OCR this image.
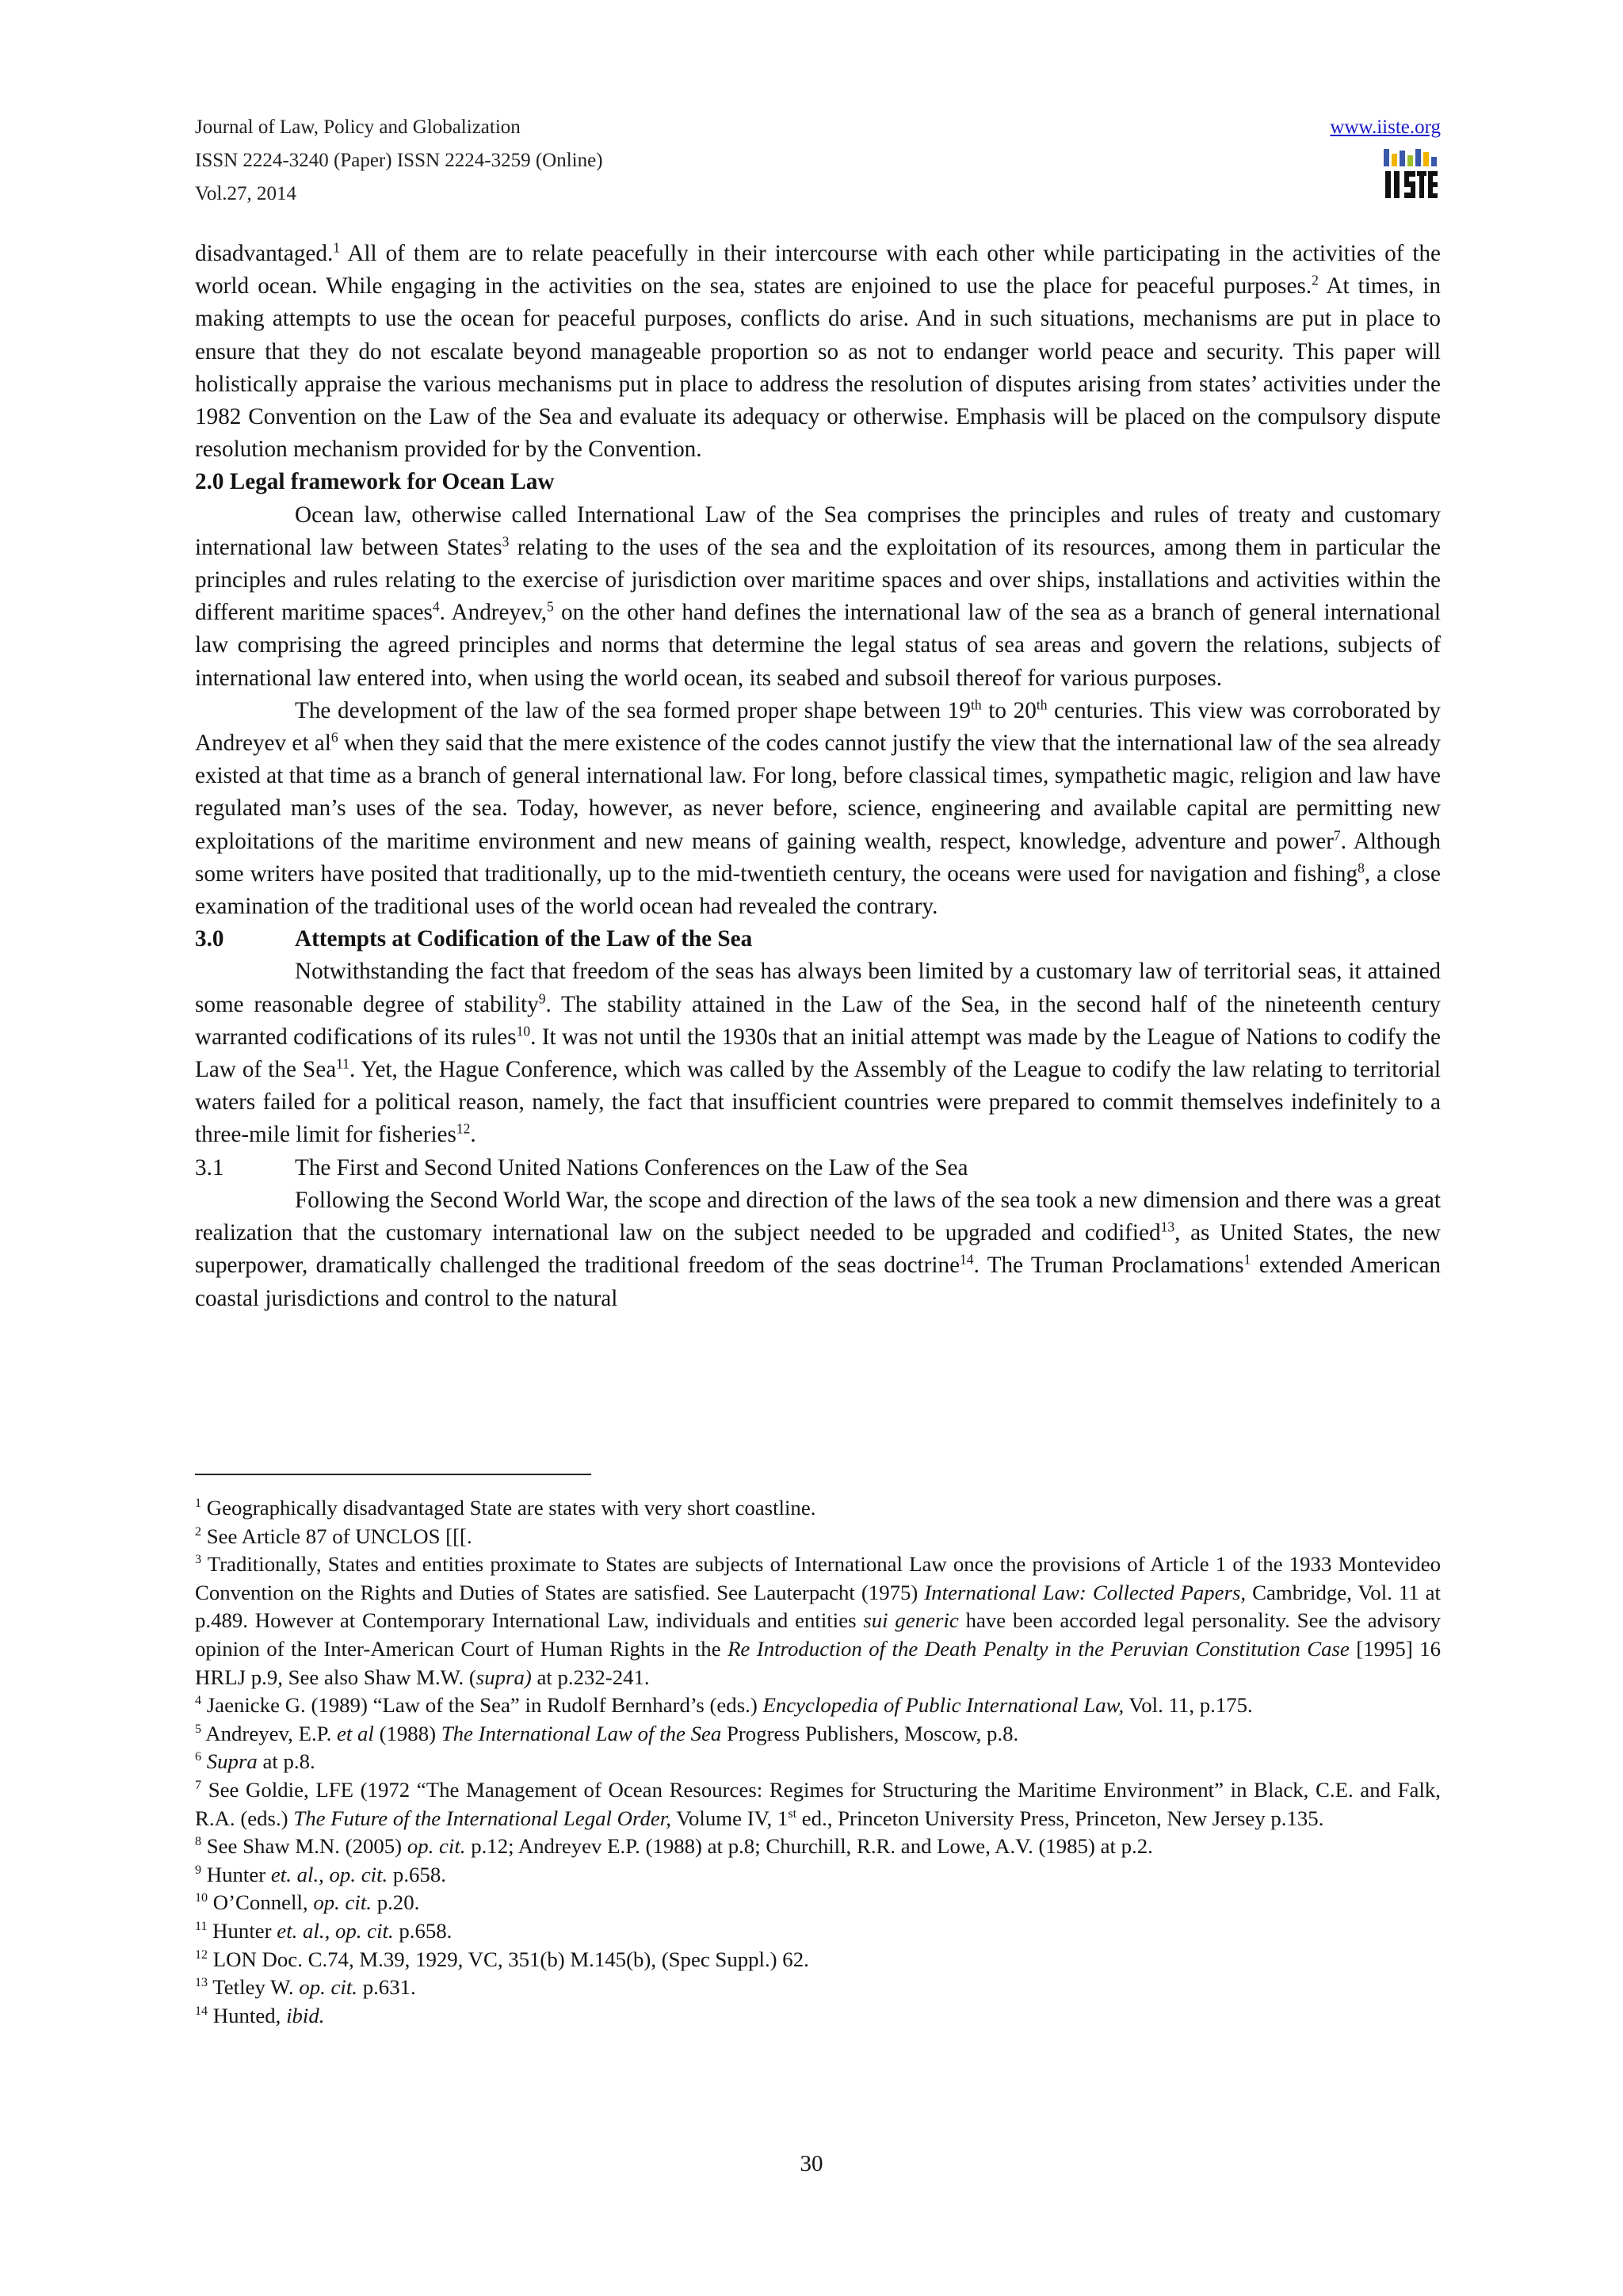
Journal of Law, Policy and Globalization
ISSN 2224-3240 (Paper) ISSN 2224-3259 (Online)
Vol.27, 2014
www.iiste.org

disadvantaged.$^1$ All of them are to relate peacefully in their intercourse with each other while participating in the activities of the world ocean. While engaging in the activities on the sea, states are enjoined to use the place for peaceful purposes.$^2$ At times, in making attempts to use the ocean for peaceful purposes, conflicts do arise. And in such situations, mechanisms are put in place to ensure that they do not escalate beyond manageable proportion so as not to endanger world peace and security. This paper will holistically appraise the various mechanisms put in place to address the resolution of disputes arising from states’ activities under the 1982 Convention on the Law of the Sea and evaluate its adequacy or otherwise. Emphasis will be placed on the compulsory dispute resolution mechanism provided for by the Convention.

2.0 Legal framework for Ocean Law

Ocean law, otherwise called International Law of the Sea comprises the principles and rules of treaty and customary international law between States$^3$ relating to the uses of the sea and the exploitation of its resources, among them in particular the principles and rules relating to the exercise of jurisdiction over maritime spaces and over ships, installations and activities within the different maritime spaces$^4$. Andreyev,$^5$ on the other hand defines the international law of the sea as a branch of general international law comprising the agreed principles and norms that determine the legal status of sea areas and govern the relations, subjects of international law entered into, when using the world ocean, its seabed and subsoil thereof for various purposes.

The development of the law of the sea formed proper shape between 19th to 20th centuries. This view was corroborated by Andreyev et $al^6$ when they said that the mere existence of the codes cannot justify the view that the international law of the sea already existed at that time as a branch of general international law. For long, before classical times, sympathetic magic, religion and law have regulated man’s uses of the sea. Today, however, as never before, science, engineering and available capital are permitting new exploitations of the maritime environment and new means of gaining wealth, respect, knowledge, adventure and power$^7$. Although some writers have posited that traditionally, up to the mid-twentieth century, the oceans were used for navigation and fishing$^8$, a close examination of the traditional uses of the world ocean had revealed the contrary.

3.0	Attempts at Codification of the Law of the Sea

Notwithstanding the fact that freedom of the seas has always been limited by a customary law of territorial seas, it attained some reasonable degree of stability$^9$. The stability attained in the Law of the Sea, in the second half of the nineteenth century warranted codifications of its rules$^{10}$. It was not until the 1930s that an initial attempt was made by the League of Nations to codify the Law of the Sea$^{11}$. Yet, the Hague Conference, which was called by the Assembly of the League to codify the law relating to territorial waters failed for a political reason, namely, the fact that insufficient countries were prepared to commit themselves indefinitely to a three-mile limit for fisheries$^{12}$.

3.1	The First and Second United Nations Conferences on the Law of the Sea

Following the Second World War, the scope and direction of the laws of the sea took a new dimension and there was a great realization that the customary international law on the subject needed to be upgraded and codified$^{13}$, as United States, the new superpower, dramatically challenged the traditional freedom of the seas doctrine$^{14}$. The Truman Proclamations$^1$ extended American coastal jurisdictions and control to the natural

$^1$ Geographically disadvantaged State are states with very short coastline.

$^2$ See Article 87 of UNCLOS [[[.

$^3$ Traditionally, States and entities proximate to States are subjects of International Law once the provisions of Article 1 of the 1933 Montevideo Convention on the Rights and Duties of States are satisfied. See Lauterpacht (1975) International Law: Collected Papers, Cambridge, Vol. 11 at p.489. However at Contemporary International Law, individuals and entities sui generic have been accorded legal personality. See the advisory opinion of the Inter-American Court of Human Rights in the Re Introduction of the Death Penalty in the Peruvian Constitution Case [1995] 16 HRLJ p.9, See also Shaw M.W. (supra) at p.232-241.

$^4$ Jaenicke G. (1989) “Law of the Sea” in Rudolf Bernhard’s (eds.) Encyclopedia of Public International Law, Vol. 11, p.175.

$^5$ Andreyev, E.P. et al (1988) The International Law of the Sea Progress Publishers, Moscow, p.8.

$^6$ Supra at p.8.

$^7$ See Goldie, LFE (1972 “The Management of Ocean Resources: Regimes for Structuring the Maritime Environment” in Black, C.E. and Falk, R.A. (eds.) The Future of the International Legal Order, Volume IV, 1st ed., Princeton University Press, Princeton, New Jersey p.135.

$^8$ See Shaw M.N. (2005) op. cit. p.12; Andreyev E.P. (1988) at p.8; Churchill, R.R. and Lowe, A.V. (1985) at p.2.

$^9$ Hunter et. al., op. cit. p.658.

$^{10}$ O’Connell, op. cit. p.20.

$^{11}$ Hunter et. al., op. cit. p.658.

$^{12}$ LON Doc. C.74, M.39, 1929, VC, 351(b) M.145(b), (Spec Suppl.) 62.

$^{13}$ Tetley W. op. cit. p.631.

$^{14}$ Hunted, ibid.

30
